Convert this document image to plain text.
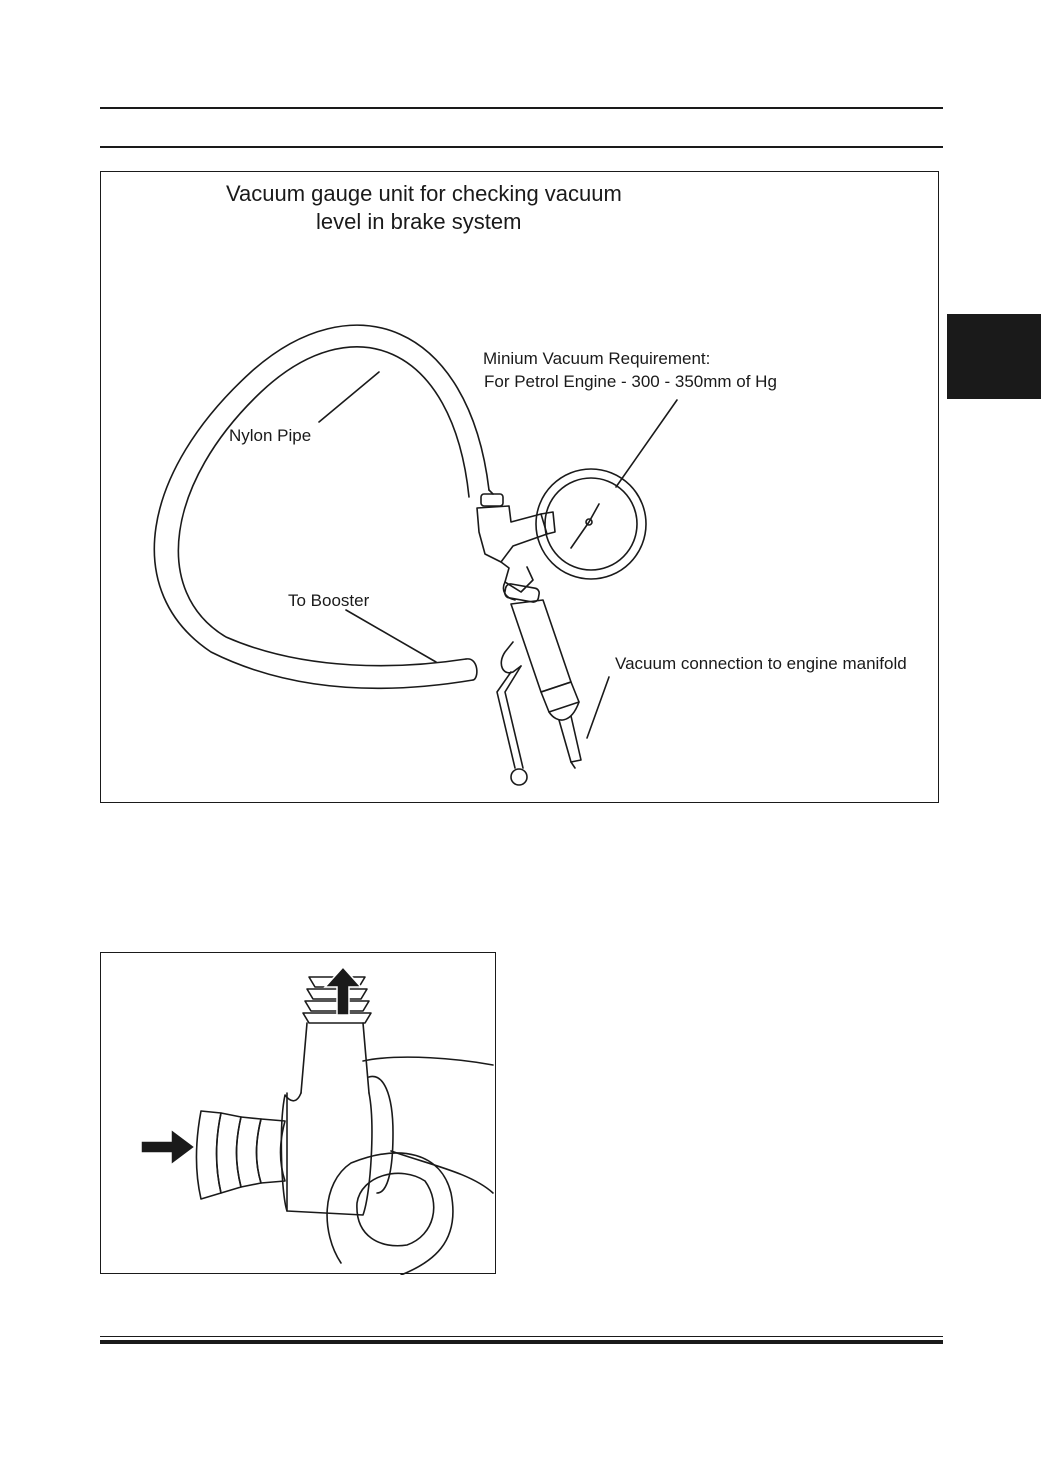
Vacuum gauge unit for checking vacuum
level in brake system
Minium Vacuum Requirement:
For Petrol Engine - 300 - 350mm of Hg
Nylon Pipe
To Booster
Vacuum connection to engine manifold
